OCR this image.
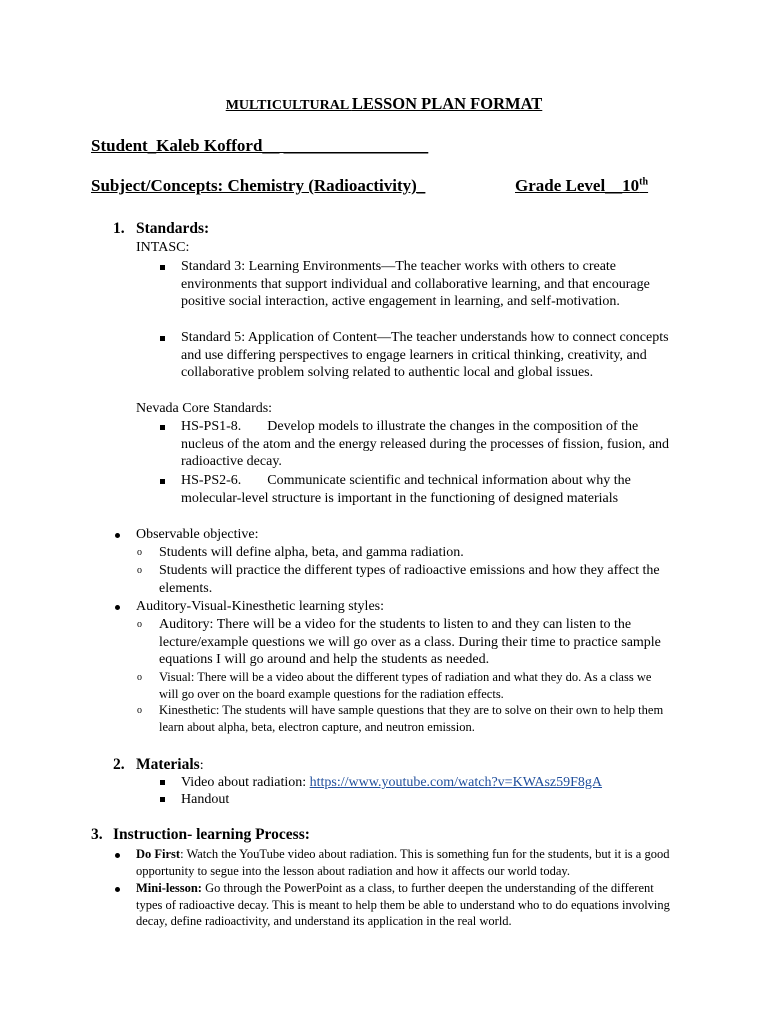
MULTICULTURAL LESSON PLAN FORMAT
Student_Kaleb Kofford__ _________________
Subject/Concepts: Chemistry (Radioactivity)_	Grade Level__10th
1. Standards:
INTASC:
Standard 3: Learning Environments—The teacher works with others to create environments that support individual and collaborative learning, and that encourage positive social interaction, active engagement in learning, and self-motivation.
Standard 5: Application of Content—The teacher understands how to connect concepts and use differing perspectives to engage learners in critical thinking, creativity, and collaborative problem solving related to authentic local and global issues.
Nevada Core Standards:
HS-PS1-8. Develop models to illustrate the changes in the composition of the nucleus of the atom and the energy released during the processes of fission, fusion, and radioactive decay.
HS-PS2-6. Communicate scientific and technical information about why the molecular-level structure is important in the functioning of designed materials
Observable objective:
o Students will define alpha, beta, and gamma radiation.
o Students will practice the different types of radioactive emissions and how they affect the elements.
Auditory-Visual-Kinesthetic learning styles:
o Auditory: There will be a video for the students to listen to and they can listen to the lecture/example questions we will go over as a class. During their time to practice sample equations I will go around and help the students as needed.
o Visual: There will be a video about the different types of radiation and what they do. As a class we will go over on the board example questions for the radiation effects.
o Kinesthetic: The students will have sample questions that they are to solve on their own to help them learn about alpha, beta, electron capture, and neutron emission.
2. Materials:
Video about radiation: https://www.youtube.com/watch?v=KWAsz59F8gA
Handout
3. Instruction- learning Process:
Do First: Watch the YouTube video about radiation. This is something fun for the students, but it is a good opportunity to segue into the lesson about radiation and how it affects our world today.
Mini-lesson: Go through the PowerPoint as a class, to further deepen the understanding of the different types of radioactive decay. This is meant to help them be able to understand who to do equations involving decay, define radioactivity, and understand its application in the real world.
